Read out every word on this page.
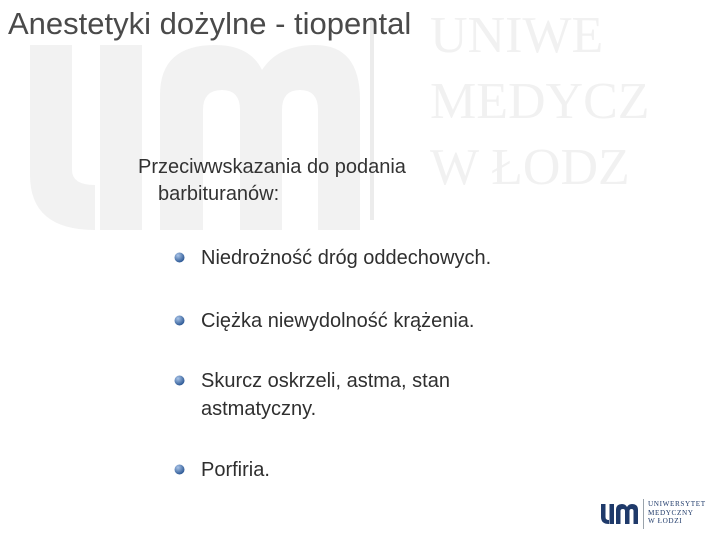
UNIWE
MEDYCZ
W ŁODZ
Anestetyki dożylne - tiopental
Przeciwwskazania do podania
barbituranów:
Niedrożność dróg oddechowych.
Ciężka niewydolność krążenia.
Skurcz oskrzeli, astma, stan astmatyczny.
Porfiria.
UNIWERSYTET
MEDYCZNY
W ŁODZI
